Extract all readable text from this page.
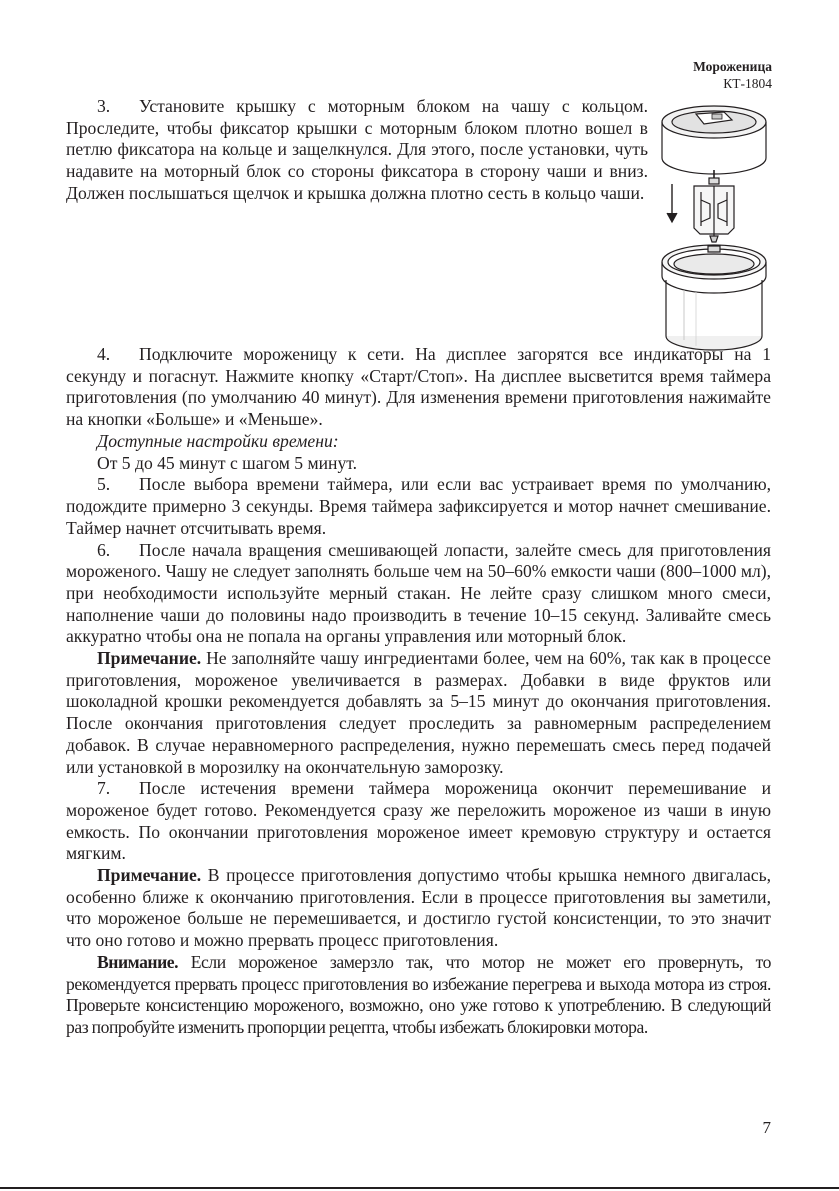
Мороженица
КТ-1804

3. Установите крышку с моторным блоком на чашу с кольцом. Проследите, чтобы фиксатор крышки с моторным блоком плотно вошел в петлю фиксатора на кольце и защелкнулся. Для этого, после установки, чуть надавите на моторный блок со стороны фиксатора в сторону чаши и вниз. Должен послышаться щелчок и крышка должна плотно сесть в кольцо чаши.

4. Подключите мороженицу к сети. На дисплее загорятся все индикаторы на 1 секунду и погаснут. Нажмите кнопку «Старт/Стоп». На дисплее высветится время таймера приготовления (по умолчанию 40 минут). Для изменения времени приготовления нажимайте на кнопки «Больше» и «Меньше».

Доступные настройки времени:

От 5 до 45 минут с шагом 5 минут.

5. После выбора времени таймера, или если вас устраивает время по умолчанию, подождите примерно 3 секунды. Время таймера зафиксируется и мотор начнет смешивание. Таймер начнет отсчитывать время.

6. После начала вращения смешивающей лопасти, залейте смесь для приготовления мороженого. Чашу не следует заполнять больше чем на 50–60% емкости чаши (800–1000 мл), при необходимости используйте мерный стакан. Не лейте сразу слишком много смеси, наполнение чаши до половины надо производить в течение 10–15 секунд. Заливайте смесь аккуратно чтобы она не попала на органы управления или моторный блок.

Примечание. Не заполняйте чашу ингредиентами более, чем на 60%, так как в процессе приготовления, мороженое увеличивается в размерах. Добавки в виде фруктов или шоколадной крошки рекомендуется добавлять за 5–15 минут до окончания приготовления. После окончания приготовления следует проследить за равномерным распределением добавок. В случае неравномерного распределения, нужно перемешать смесь перед подачей или установкой в морозилку на окончательную заморозку.

7. После истечения времени таймера мороженица окончит перемешивание и мороженое будет готово. Рекомендуется сразу же переложить мороженое из чаши в иную емкость. По окончании приготовления мороженое имеет кремовую структуру и остается мягким.

Примечание. В процессе приготовления допустимо чтобы крышка немного двигалась, особенно ближе к окончанию приготовления. Если в процессе приготовления вы заметили, что мороженое больше не перемешивается, и достигло густой консистенции, то это значит что оно готово и можно прервать процесс приготовления.

Внимание. Если мороженое замерзло так, что мотор не может его провернуть, то рекомендуется прервать процесс приготовления во избежание перегрева и выхода мотора из строя. Проверьте консистенцию мороженого, возможно, оно уже готово к употреблению. В следующий раз попробуйте изменить пропорции рецепта, чтобы избежать блокировки мотора.

7
